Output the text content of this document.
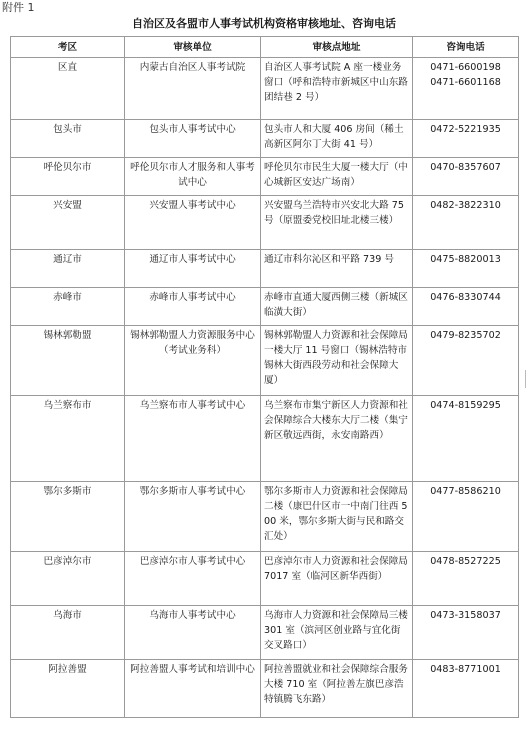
附件 1
自治区及各盟市人事考试机构资格审核地址、咨询电话
考区	审核单位	审核点地址	咨询电话
区直	内蒙古自治区人事考试院	自治区人事考试院 A 座一楼业务窗口（呼和浩特市新城区中山东路团结巷 2 号）	0471-6600198
0471-6601168

包头市	包头市人事考试中心	包头市人和大厦 406 房间（稀土高新区阿尔丁大街 41 号）	0472-5221935

呼伦贝尔市	呼伦贝尔市人才服务和人事考试中心	呼伦贝尔市民生大厦一楼大厅（中心城新区安达广场南）	0470-8357607

兴安盟	兴安盟人事考试中心	兴安盟乌兰浩特市兴安北大路 75 号（原盟委党校旧址北楼三楼）	0482-3822310

通辽市	通辽市人事考试中心	通辽市科尔沁区和平路 739 号	0475-8820013

赤峰市	赤峰市人事考试中心	赤峰市直通大厦西侧三楼（新城区临潢大街）	0476-8330744

锡林郭勒盟	锡林郭勒盟人力资源服务中心（考试业务科）	锡林郭勒盟人力资源和社会保障局一楼大厅 11 号窗口（锡林浩特市锡林大街西段劳动和社会保障大厦）	0479-8235702

乌兰察布市	乌兰察布市人事考试中心	乌兰察布市集宁新区人力资源和社会保障综合大楼东大厅二楼（集宁新区敬远西街，永安南路西）	0474-8159295

鄂尔多斯市	鄂尔多斯市人事考试中心	鄂尔多斯市人力资源和社会保障局二楼（康巴什区市一中南门往西 500 米，鄂尔多斯大街与民和路交汇处）	0477-8586210

巴彦淖尔市	巴彦淖尔市人事考试中心	巴彦淖尔市人力资源和社会保障局 7017 室（临河区新华西街）	0478-8527225

乌海市	乌海市人事考试中心	乌海市人力资源和社会保障局三楼 301 室（滨河区创业路与宜化街交叉路口）	0473-3158037

阿拉善盟	阿拉善盟人事考试和培训中心	阿拉善盟就业和社会保障综合服务大楼 710 室（阿拉善左旗巴彦浩特镇腾飞东路）	0483-8771001
